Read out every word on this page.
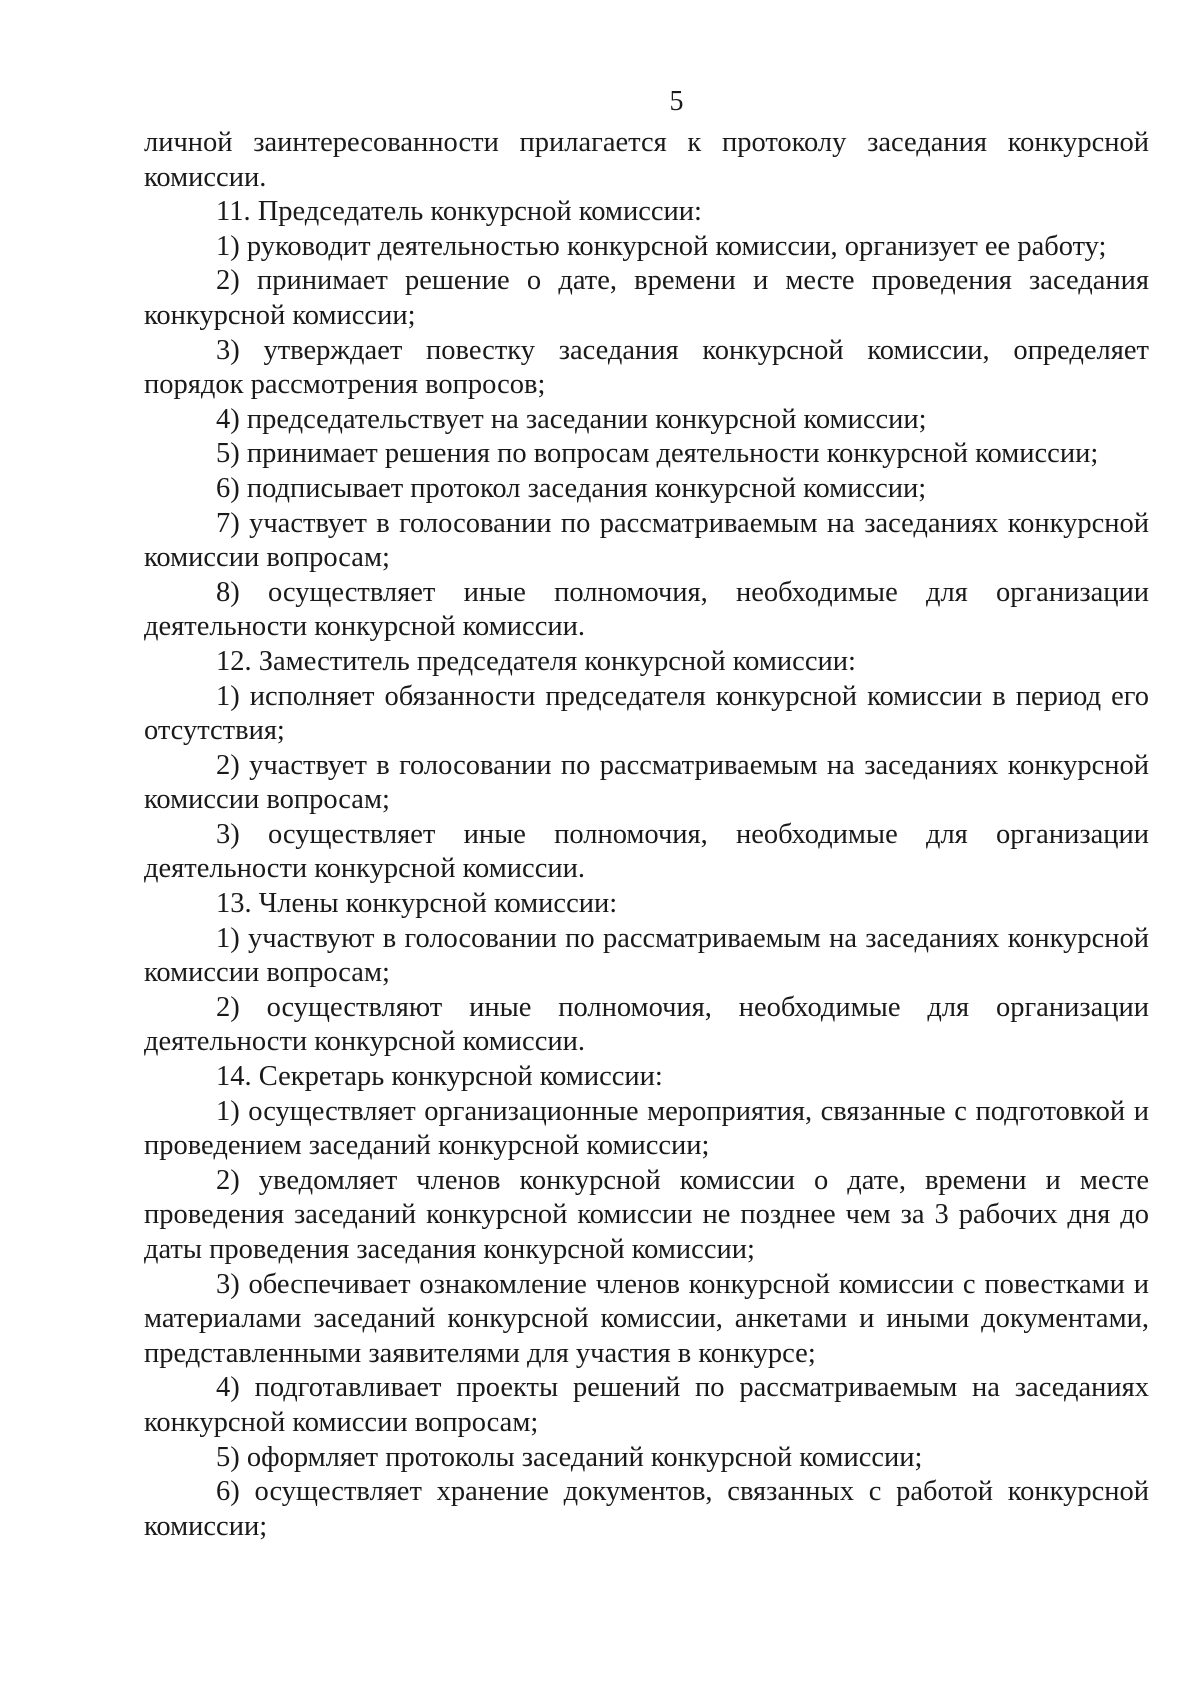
5

личной заинтересованности прилагается к протоколу заседания конкурсной комиссии.

11. Председатель конкурсной комиссии:

1) руководит деятельностью конкурсной комиссии, организует ее работу;

2) принимает решение о дате, времени и месте проведения заседания конкурсной комиссии;

3) утверждает повестку заседания конкурсной комиссии, определяет порядок рассмотрения вопросов;

4) председательствует на заседании конкурсной комиссии;

5) принимает решения по вопросам деятельности конкурсной комиссии;

6) подписывает протокол заседания конкурсной комиссии;

7) участвует в голосовании по рассматриваемым на заседаниях конкурсной комиссии вопросам;

8) осуществляет иные полномочия, необходимые для организации деятельности конкурсной комиссии.

12. Заместитель председателя конкурсной комиссии:

1) исполняет обязанности председателя конкурсной комиссии в период его отсутствия;

2) участвует в голосовании по рассматриваемым на заседаниях конкурсной комиссии вопросам;

3) осуществляет иные полномочия, необходимые для организации деятельности конкурсной комиссии.

13. Члены конкурсной комиссии:

1) участвуют в голосовании по рассматриваемым на заседаниях конкурсной комиссии вопросам;

2) осуществляют иные полномочия, необходимые для организации деятельности конкурсной комиссии.

14. Секретарь конкурсной комиссии:

1) осуществляет организационные мероприятия, связанные с подготовкой и проведением заседаний конкурсной комиссии;

2) уведомляет членов конкурсной комиссии о дате, времени и месте проведения заседаний конкурсной комиссии не позднее чем за 3 рабочих дня до даты проведения заседания конкурсной комиссии;

3) обеспечивает ознакомление членов конкурсной комиссии с повестками и материалами заседаний конкурсной комиссии, анкетами и иными документами, представленными заявителями для участия в конкурсе;

4) подготавливает проекты решений по рассматриваемым на заседаниях конкурсной комиссии вопросам;

5) оформляет протоколы заседаний конкурсной комиссии;

6) осуществляет хранение документов, связанных с работой конкурсной комиссии;
